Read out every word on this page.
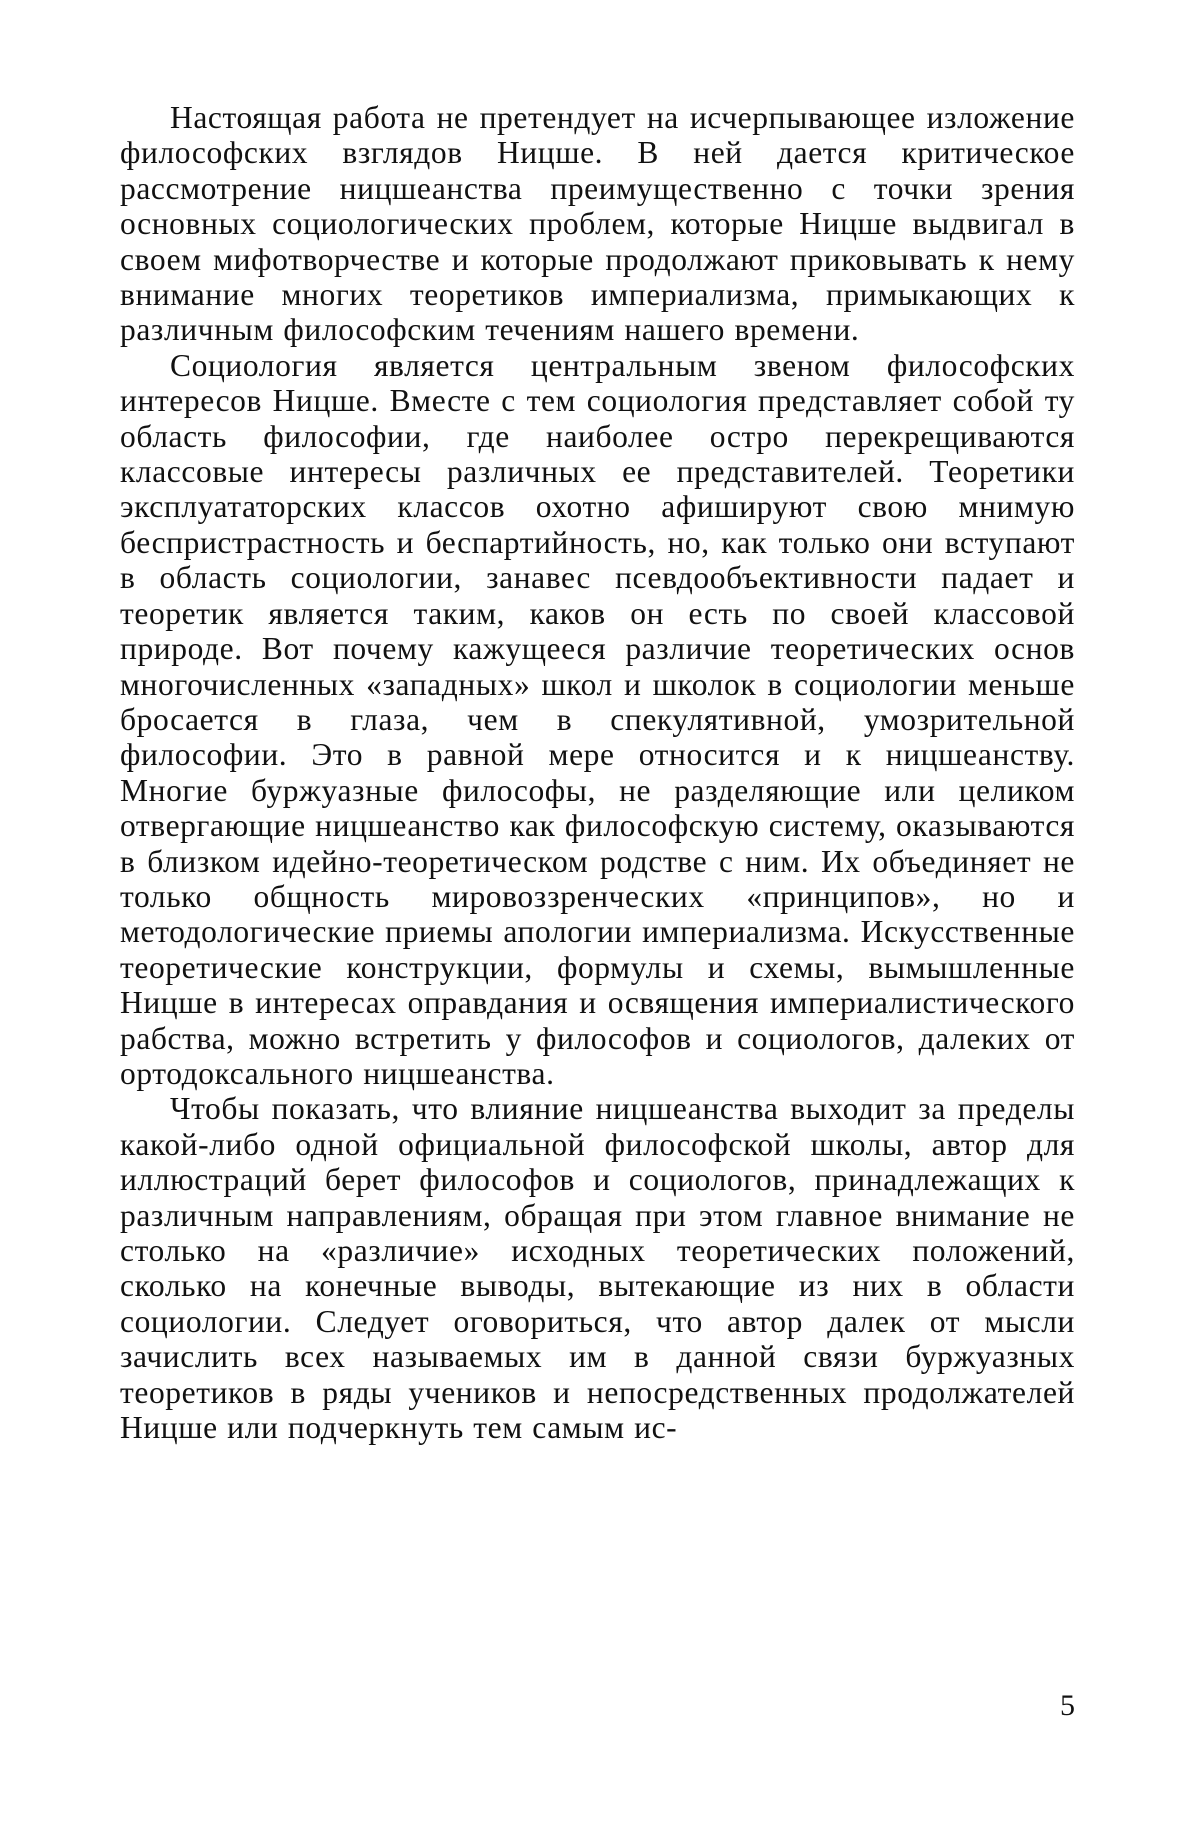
Настоящая работа не претендует на исчерпывающее изложение философских взглядов Ницше. В ней дается критическое рассмотрение ницшеанства преимущественно с точки зрения основных социологических проблем, которые Ницше выдвигал в своем мифотворчестве и которые продолжают приковывать к нему внимание многих теоретиков империализма, примыкающих к различным философским течениям нашего времени.

Социология является центральным звеном философских интересов Ницше. Вместе с тем социология представляет собой ту область философии, где наиболее остро перекрещиваются классовые интересы различных ее представителей. Теоретики эксплуататорских классов охотно афишируют свою мнимую беспристрастность и беспартийность, но, как только они вступают в область социологии, занавес псевдообъективности падает и теоретик является таким, каков он есть по своей классовой природе. Вот почему кажущееся различие теоретических основ многочисленных «западных» школ и школок в социологии меньше бросается в глаза, чем в спекулятивной, умозрительной философии. Это в равной мере относится и к ницшеанству. Многие буржуазные философы, не разделяющие или целиком отвергающие ницшеанство как философскую систему, оказываются в близком идейно-теоретическом родстве с ним. Их объединяет не только общность мировоззренческих «принципов», но и методологические приемы апологии империализма. Искусственные теоретические конструкции, формулы и схемы, вымышленные Ницше в интересах оправдания и освящения империалистического рабства, можно встретить у философов и социологов, далеких от ортодоксального ницшеанства.

Чтобы показать, что влияние ницшеанства выходит за пределы какой-либо одной официальной философской школы, автор для иллюстраций берет философов и социологов, принадлежащих к различным направлениям, обращая при этом главное внимание не столько на «различие» исходных теоретических положений, сколько на конечные выводы, вытекающие из них в области социологии. Следует оговориться, что автор далек от мысли зачислить всех называемых им в данной связи буржуазных теоретиков в ряды учеников и непосредственных продолжателей Ницше или подчеркнуть тем самым ис-

5
